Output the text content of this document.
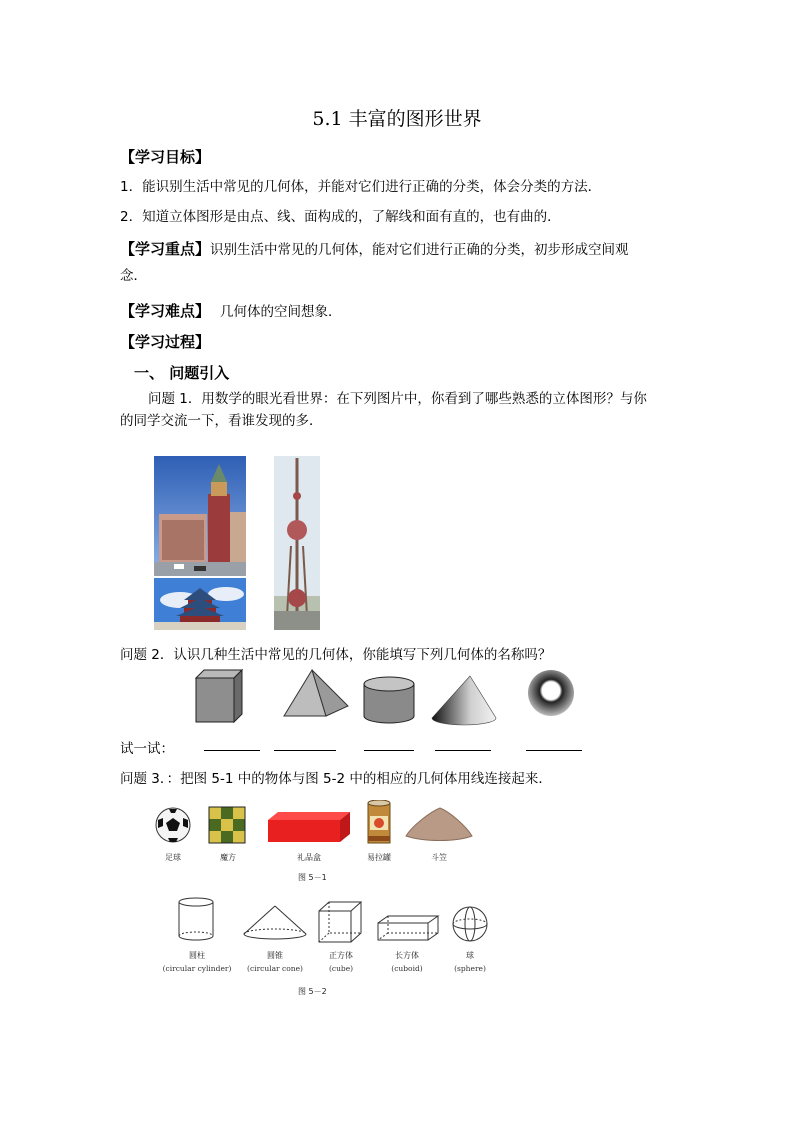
5.1 丰富的图形世界
【学习目标】
1．能识别生活中常见的几何体，并能对它们进行正确的分类，体会分类的方法．
2．知道立体图形是由点、线、面构成的，了解线和面有直的，也有曲的．
【学习重点】识别生活中常见的几何体，能对它们进行正确的分类，初步形成空间观
念．
【学习难点】 几何体的空间想象．
【学习过程】
一、 问题引入
问题 1．用数学的眼光看世界：在下列图片中，你看到了哪些熟悉的立体图形？与你
的同学交流一下，看谁发现的多．
问题 2．认识几种生活中常见的几何体，你能填写下列几何体的名称吗？
试一试：
问题 3．：把图 5-1 中的物体与图 5-2 中的相应的几何体用线连接起来．
足球	魔方	礼品盒	易拉罐	斗笠
图 5－1
圆柱
(circular cylinder)
圆锥
(circular cone)
正方体
(cube)
长方体
(cuboid)
球
(sphere)
图 5－2
